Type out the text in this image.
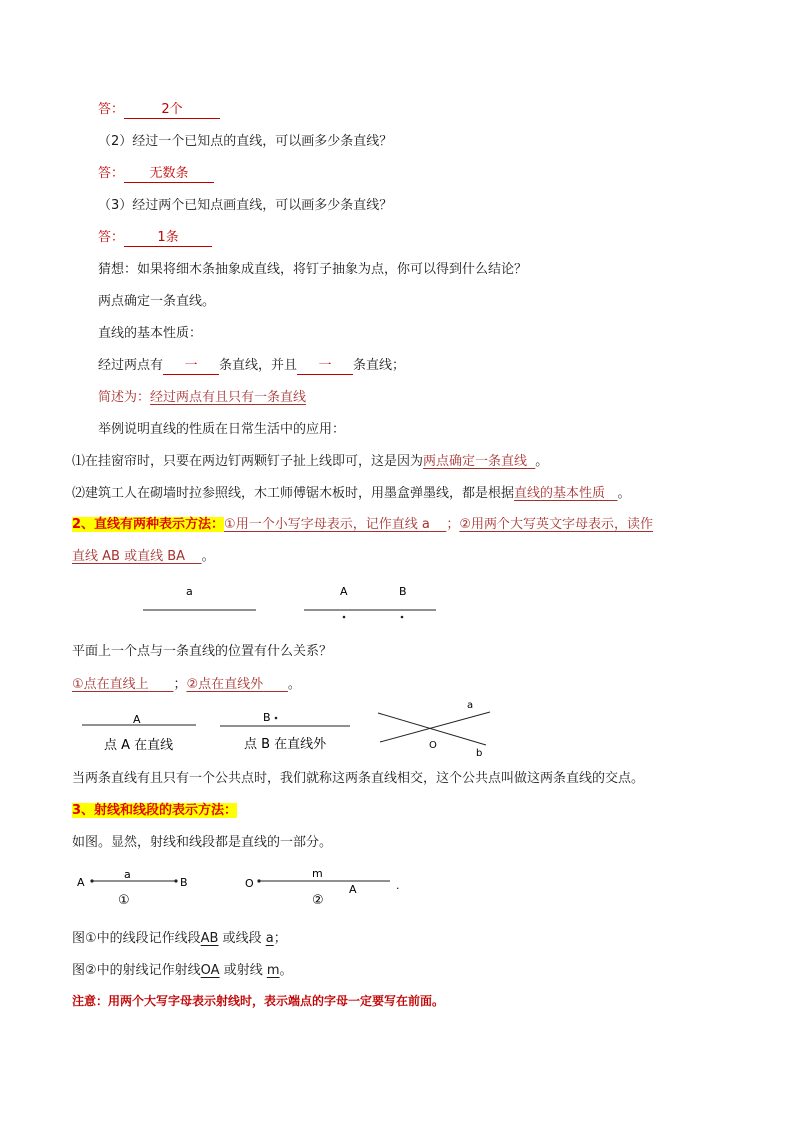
答：	2个
（2）经过一个已知点的直线，可以画多少条直线？
答： 无数条
（3）经过两个已知点画直线，可以画多少条直线？
答：	1条
猜想：如果将细木条抽象成直线，将钉子抽象为点，你可以得到什么结论？
两点确定一条直线。
直线的基本性质：
经过两点有 一 条直线，并且 一 条直线；
简述为：经过两点有且只有一条直线
举例说明直线的性质在日常生活中的应用：
⑴在挂窗帘时，只要在两边钉两颗钉子扯上线即可，这是因为两点确定一条直线 。
⑵建筑工人在砌墙时拉参照线，木工师傅锯木板时，用墨盒弹墨线，都是根据直线的基本性质 。
2、直线有两种表示方法：①用一个小写字母表示，记作直线 a ；②用两个大写英文字母表示，读作
直线 AB 或直线 BA 。
a	A	B
平面上一个点与一条直线的位置有什么关系？
①点在直线上 ；②点在直线外 。
A
点 A 在直线
B
点 B 在直线外
a
O
b
当两条直线有且只有一个公共点时，我们就称这两条直线相交，这个公共点叫做这两条直线的交点。
3、射线和线段的表示方法：
如图。显然，射线和线段都是直线的一部分。
A
a
B
①
O
m
A	.
②
图①中的线段记作线段AB 或线段 a；
图②中的射线记作射线OA 或射线 m。
注意：用两个大写字母表示射线时，表示端点的字母一定要写在前面。
